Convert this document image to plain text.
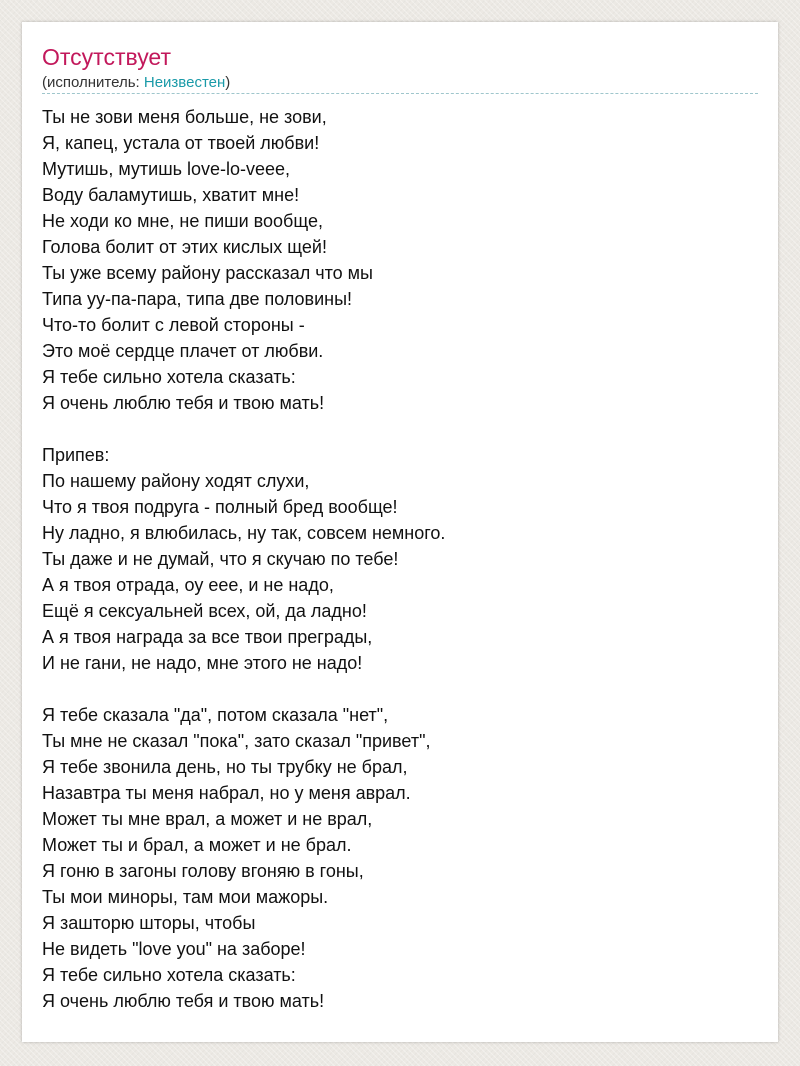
Отсутствует
(исполнитель: Неизвестен)
Ты не зови меня больше, не зови,
Я, капец, устала от твоей любви!
Мутишь, мутишь love-lo-veee,
Воду баламутишь, хватит мне!
Не ходи ко мне, не пиши вообще,
Голова болит от этих кислых щей!
Ты уже всему району рассказал что мы
Типа уу-па-пара, типа две половины!
Что-то болит с левой стороны -
Это моё сердце плачет от любви.
Я тебе сильно хотела сказать:
Я очень люблю тебя и твою мать!
Припев:
По нашему району ходят слухи,
Что я твоя подруга - полный бред вообще!
Ну ладно, я влюбилась, ну так, совсем немного.
Ты даже и не думай, что я скучаю по тебе!
А я твоя отрада, оу еее, и не надо,
Ещё я сексуальней всех, ой, да ладно!
А я твоя награда за все твои преграды,
И не гани, не надо, мне этого не надо!
Я тебе сказала "да", потом сказала "нет",
Ты мне не сказал "пока", зато сказал "привет",
Я тебе звонила день, но ты трубку не брал,
Назавтра ты меня набрал, но у меня аврал.
Может ты мне врал, а может и не врал,
Может ты и брал, а может и не брал.
Я гоню в загоны голову вгоняю в гоны,
Ты мои миноры, там мои мажоры.
Я зашторю шторы, чтобы
Не видеть "love you" на заборе!
Я тебе сильно хотела сказать:
Я очень люблю тебя и твою мать!
